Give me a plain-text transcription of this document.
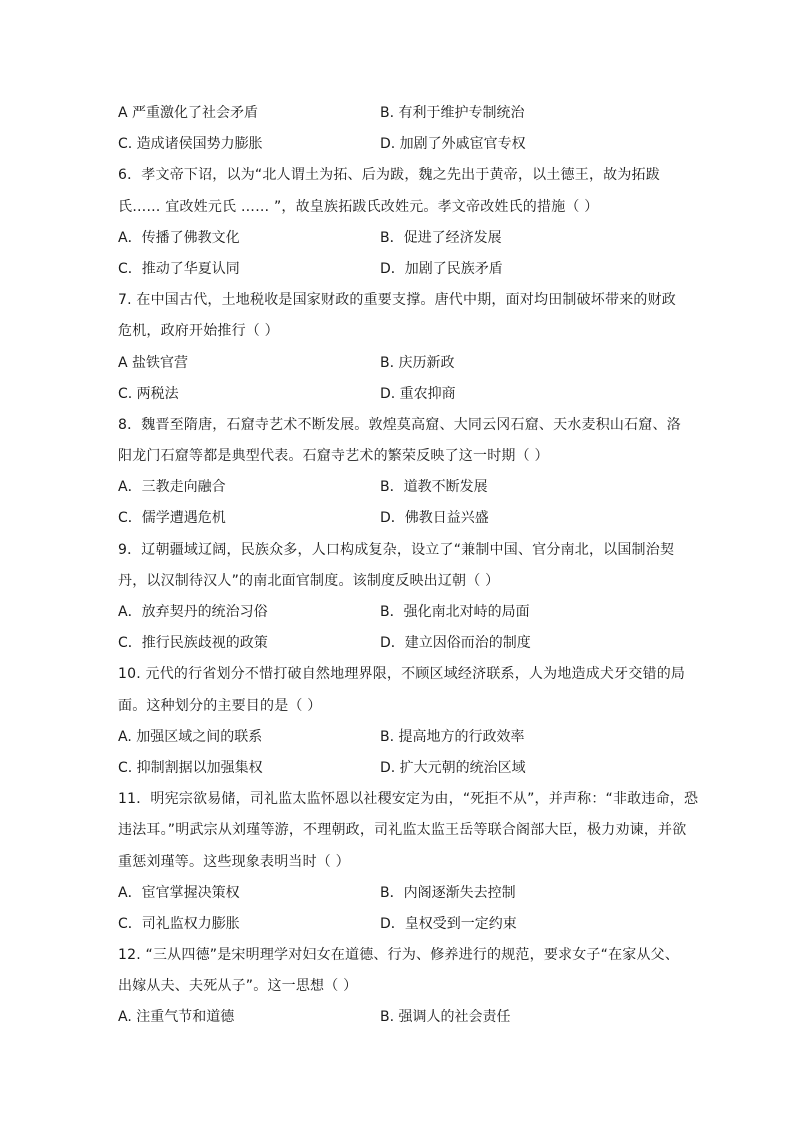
A 严重激化了社会矛盾	B. 有利于维护专制统治
C. 造成诸侯国势力膨胀	D. 加剧了外戚宦官专权
6．孝文帝下诏，以为“北人谓土为拓、后为跋，魏之先出于黄帝，以土德王，故为拓跋
氏…… 宜改姓元氏 …… ”，故皇族拓跋氏改姓元。孝文帝改姓氏的措施（ ）
A．传播了佛教文化	B．促进了经济发展
C．推动了华夏认同	D．加剧了民族矛盾
7. 在中国古代，土地税收是国家财政的重要支撑。唐代中期，面对均田制破坏带来的财政
危机，政府开始推行（ ）
A 盐铁官营	B. 庆历新政
C. 两税法	D. 重农抑商
8．魏晋至隋唐，石窟寺艺术不断发展。敦煌莫高窟、大同云冈石窟、天水麦积山石窟、洛
阳龙门石窟等都是典型代表。石窟寺艺术的繁荣反映了这一时期（ ）
A．三教走向融合	B．道教不断发展
C．儒学遭遇危机	D．佛教日益兴盛
9．辽朝疆域辽阔，民族众多，人口构成复杂，设立了“兼制中国、官分南北，以国制治契
丹，以汉制待汉人”的南北面官制度。该制度反映出辽朝（ ）
A．放弃契丹的统治习俗	B．强化南北对峙的局面
C．推行民族歧视的政策	D．建立因俗而治的制度
10. 元代的行省划分不惜打破自然地理界限，不顾区域经济联系，人为地造成犬牙交错的局
面。这种划分的主要目的是（ ）
A. 加强区域之间的联系	B. 提高地方的行政效率
C. 抑制割据以加强集权	D. 扩大元朝的统治区域
11．明宪宗欲易储，司礼监太监怀恩以社稷安定为由，“死拒不从”，并声称：“非敢违命，恐
违法耳。”明武宗从刘瑾等游，不理朝政，司礼监太监王岳等联合阁部大臣，极力劝谏，并欲
重惩刘瑾等。这些现象表明当时（ ）
A．宦官掌握决策权	B．内阁逐渐失去控制
C．司礼监权力膨胀	D．皇权受到一定约束
12. “三从四德”是宋明理学对妇女在道德、行为、修养进行的规范，要求女子“在家从父、
出嫁从夫、夫死从子”。这一思想（ ）
A. 注重气节和道德	B. 强调人的社会责任
